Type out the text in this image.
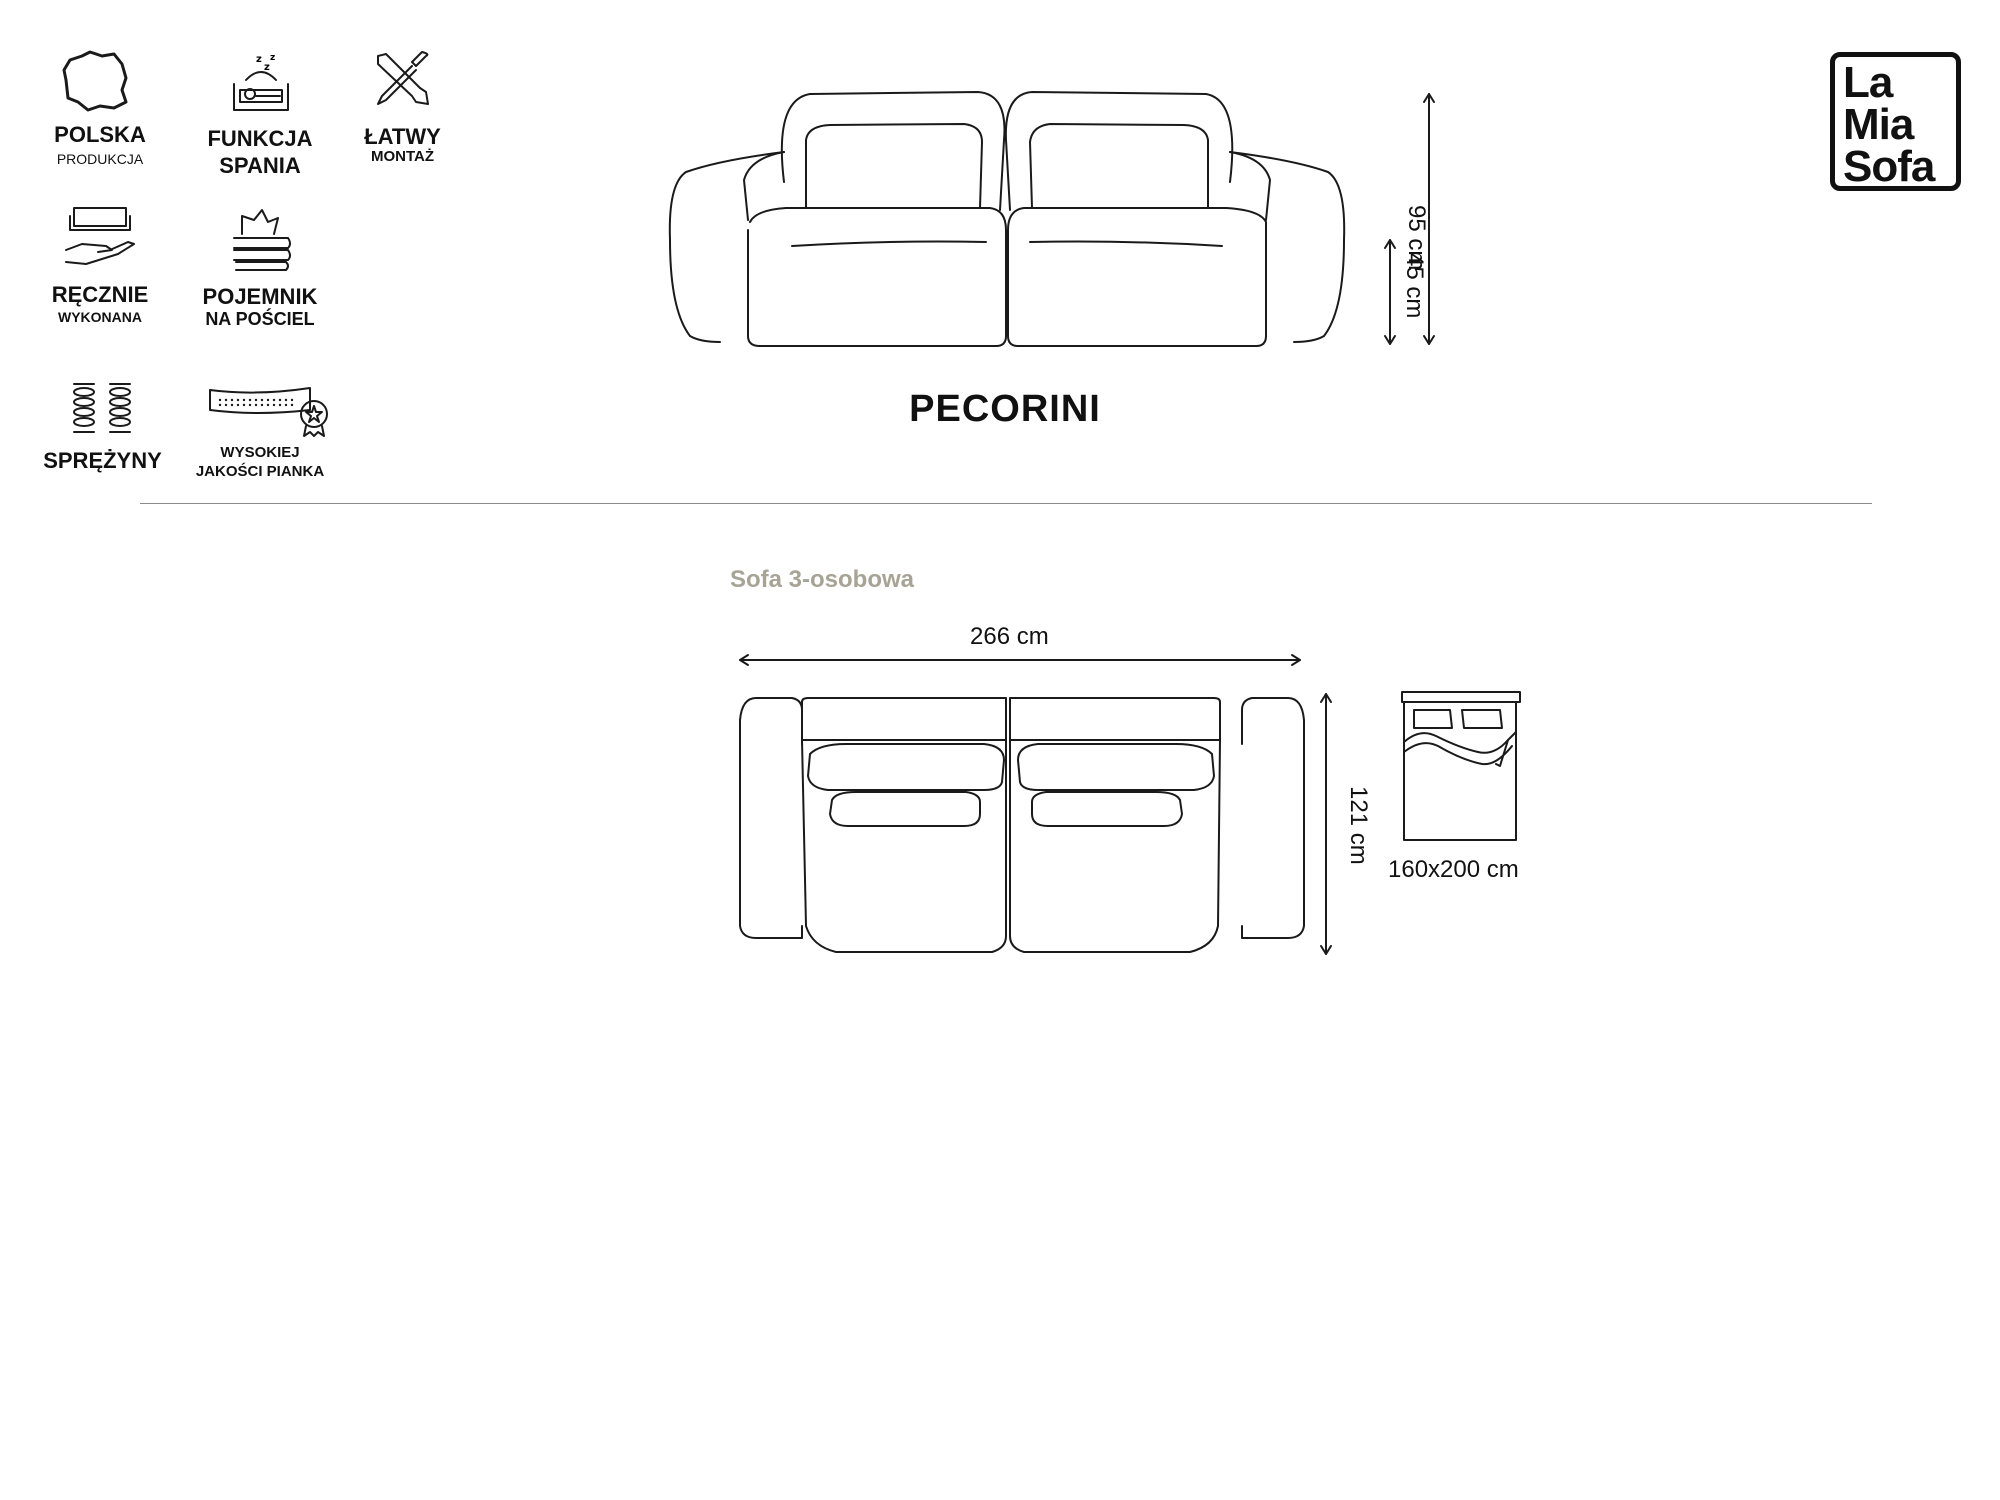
POLSKA
PRODUKCJA
z
z
z
FUNKCJA
SPANIA
ŁATWY
MONTAŻ
RĘCZNIE
WYKONANA
POJEMNIK
NA POŚCIEL
SPRĘŻYNY	WYSOKIEJ
JAKOŚCI PIANKA
La
Mia
Sofa
95 cm
45 cm
PECORINI
Sofa 3-osobowa
266 cm
121 cm
160x200 cm
